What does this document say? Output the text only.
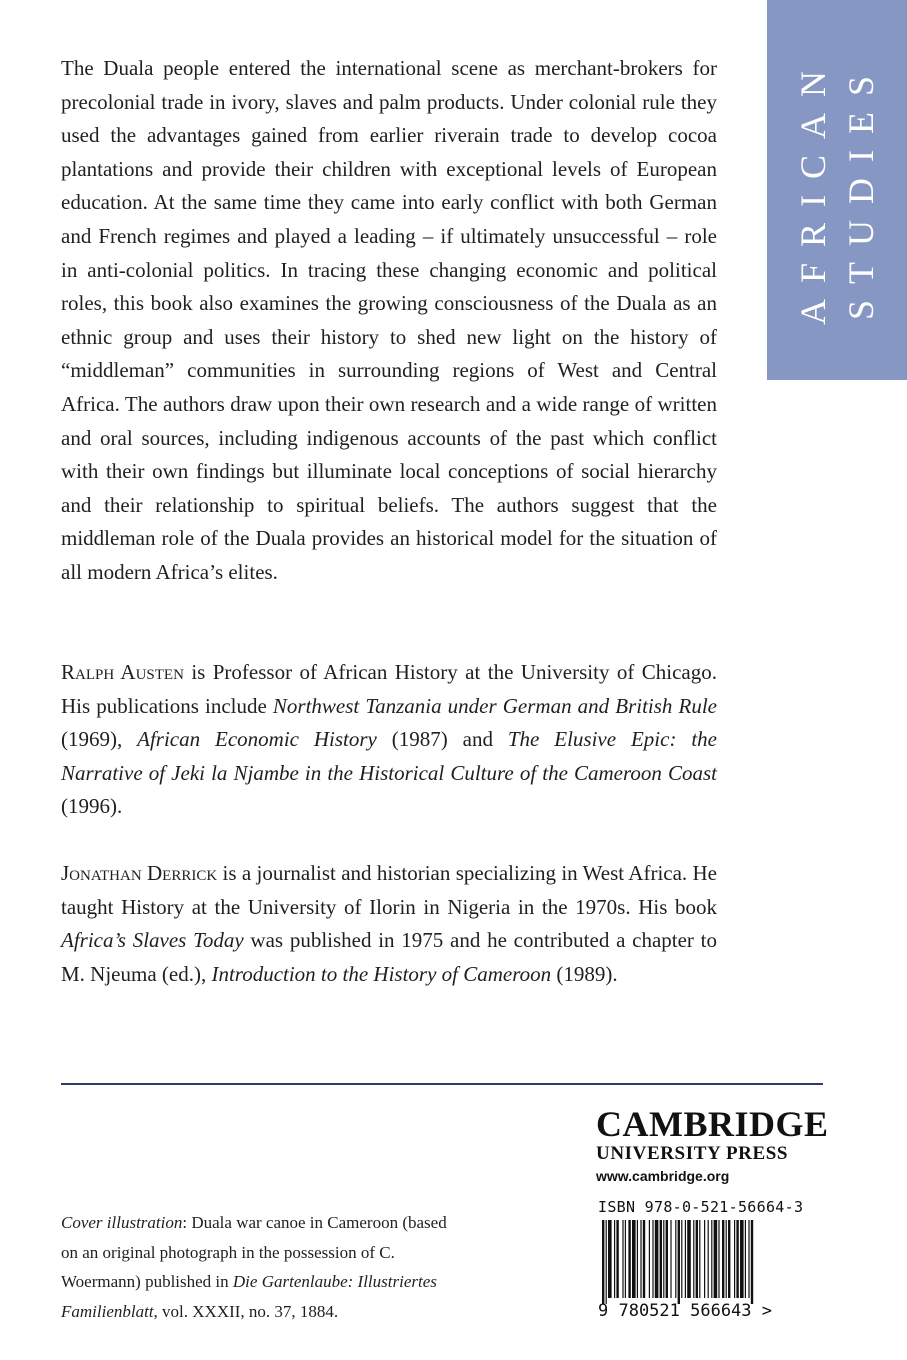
AFRICAN STUDIES

The Duala people entered the international scene as merchant-brokers for precolonial trade in ivory, slaves and palm products. Under colonial rule they used the advantages gained from earlier riverain trade to develop cocoa plantations and provide their children with exceptional levels of European education. At the same time they came into early conflict with both German and French regimes and played a leading – if ultimately unsuccessful – role in anti-colonial politics. In tracing these changing economic and political roles, this book also examines the growing consciousness of the Duala as an ethnic group and uses their history to shed new light on the history of “middleman” communities in surrounding regions of West and Central Africa. The authors draw upon their own research and a wide range of written and oral sources, including indigenous accounts of the past which conflict with their own findings but illuminate local conceptions of social hierarchy and their relationship to spiritual beliefs. The authors suggest that the middleman role of the Duala provides an historical model for the situation of all modern Africa’s elites.

Ralph Austen is Professor of African History at the University of Chicago. His publications include Northwest Tanzania under German and British Rule (1969), African Economic History (1987) and The Elusive Epic: the Narrative of Jeki la Njambe in the Historical Culture of the Cameroon Coast (1996).

Jonathan Derrick is a journalist and historian specializing in West Africa. He taught History at the University of Ilorin in Nigeria in the 1970s. His book Africa’s Slaves Today was published in 1975 and he contributed a chapter to M. Njeuma (ed.), Introduction to the History of Cameroon (1989).

Cover illustration: Duala war canoe in Cameroon (based on an original photograph in the possession of C. Woermann) published in Die Gartenlaube: Illustriertes Familienblatt, vol. XXXII, no. 37, 1884.

CAMBRIDGE
UNIVERSITY PRESS
www.cambridge.org
ISBN 978-0-521-56664-3
9 780521 566643 >
